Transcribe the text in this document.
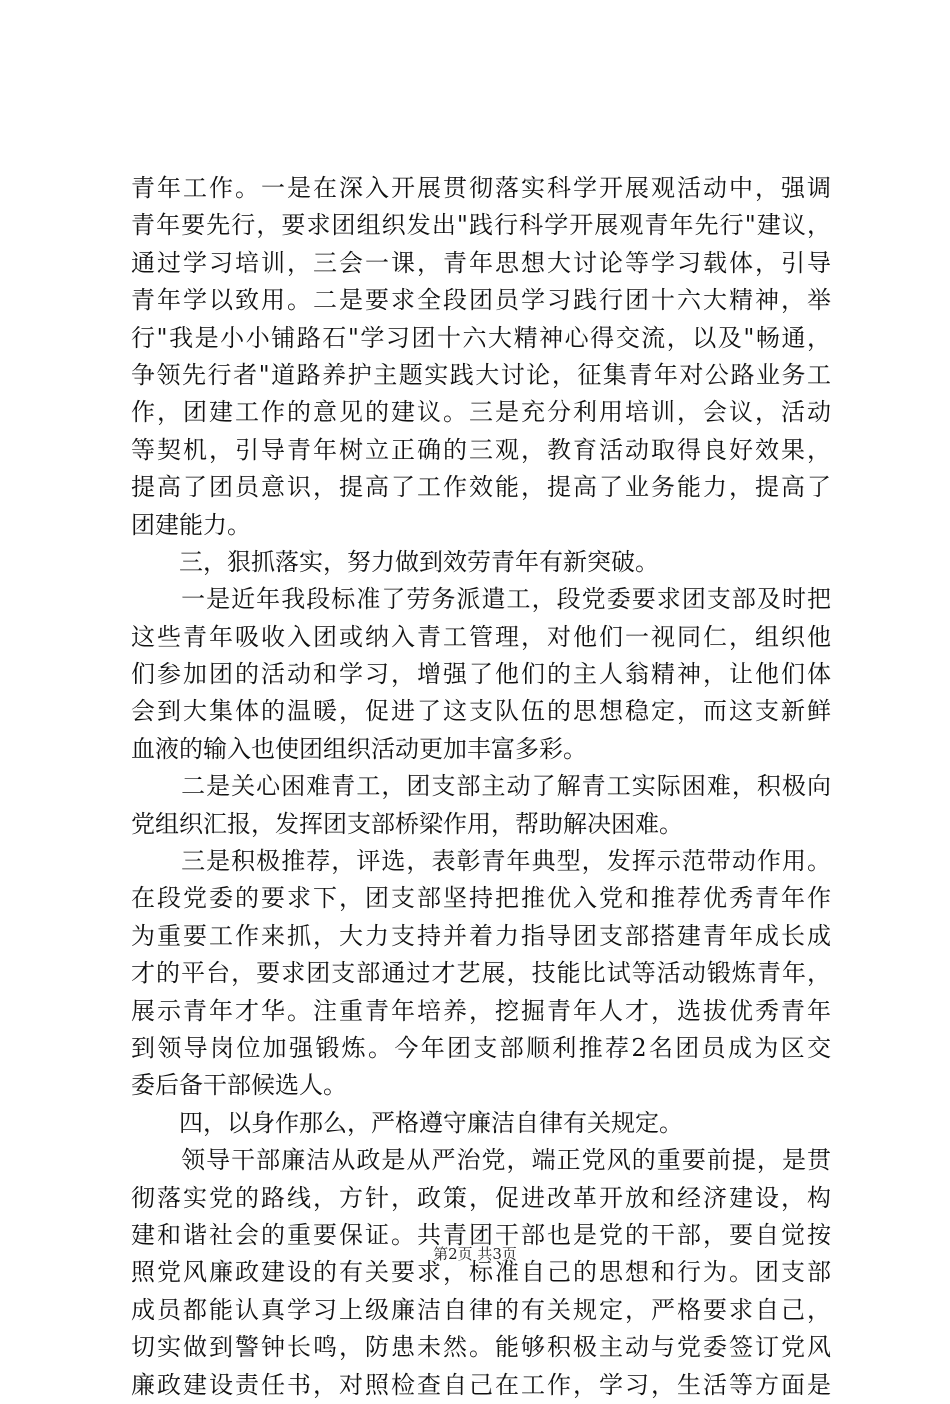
青年工作。一是在深入开展贯彻落实科学开展观活动中，强调
青年要先行，要求团组织发出"践行科学开展观青年先行"建议，
通过学习培训，三会一课，青年思想大讨论等学习载体，引导
青年学以致用。二是要求全段团员学习践行团十六大精神，举
行"我是小小铺路石"学习团十六大精神心得交流，以及"畅通，
争领先行者"道路养护主题实践大讨论，征集青年对公路业务工
作，团建工作的意见的建议。三是充分利用培训，会议，活动
等契机，引导青年树立正确的三观，教育活动取得良好效果，
提高了团员意识，提高了工作效能，提高了业务能力，提高了
团建能力。
　　三，狠抓落实，努力做到效劳青年有新突破。
　　一是近年我段标准了劳务派遣工，段党委要求团支部及时把
这些青年吸收入团或纳入青工管理，对他们一视同仁，组织他
们参加团的活动和学习，增强了他们的主人翁精神，让他们体
会到大集体的温暖，促进了这支队伍的思想稳定，而这支新鲜
血液的输入也使团组织活动更加丰富多彩。
　　二是关心困难青工，团支部主动了解青工实际困难，积极向
党组织汇报，发挥团支部桥梁作用，帮助解决困难。
　　三是积极推荐，评选，表彰青年典型，发挥示范带动作用。
在段党委的要求下，团支部坚持把推优入党和推荐优秀青年作
为重要工作来抓，大力支持并着力指导团支部搭建青年成长成
才的平台，要求团支部通过才艺展，技能比试等活动锻炼青年，
展示青年才华。注重青年培养，挖掘青年人才，选拔优秀青年
到领导岗位加强锻炼。今年团支部顺利推荐2名团员成为区交
委后备干部候选人。
　　四，以身作那么，严格遵守廉洁自律有关规定。
　　领导干部廉洁从政是从严治党，端正党风的重要前提，是贯
彻落实党的路线，方针，政策，促进改革开放和经济建设，构
建和谐社会的重要保证。共青团干部也是党的干部，要自觉按
照党风廉政建设的有关要求，标准自己的思想和行为。团支部
成员都能认真学习上级廉洁自律的有关规定，严格要求自己，
切实做到警钟长鸣，防患未然。能够积极主动与党委签订党风
廉政建设责任书，对照检查自己在工作，学习，生活等方面是
第2页 共3页
